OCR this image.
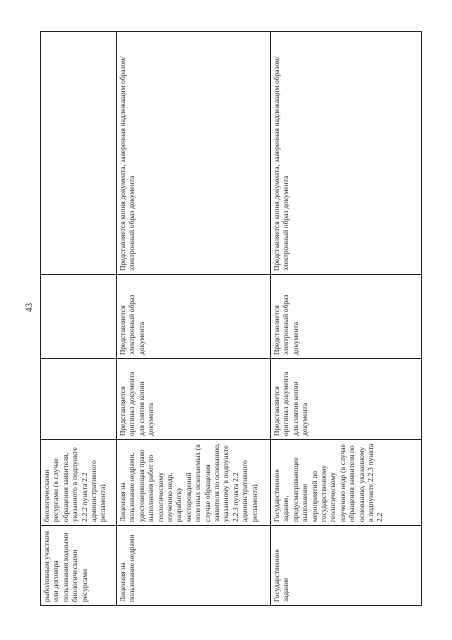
43
рыболовным участком или договора пользования водными биологическими ресурсами	биологическими ресурсами (в случае обращения заявителя, указанного в подпункте 2.2.2 пункта 2.2 административного регламента)			

Лицензия на пользование недрами	Лицензия на пользование недрами, удостоверяющая право выполнения работ по геологическому изучению недр, разработку месторождений полезных ископаемых (в случае обращения заявителя по основанию, указанному в подпункте 2.2.3 пункта 2.2 административного регламента)	Представляется оригинал документа для снятия копии документа	Представляется электронный образ документа	Представляется копия документа, заверенная надлежащим образом/электронный образ документа

Государственное задание	Государственное задание, предусматривающее выполнение мероприятий по государственному геологическому изучению недр (в случае обращения заявителя по основанию, указанному в подпункте 2.2.3 пункта 2.2	Представляется оригинал документа для снятия копии документа	Представляется электронный образ документа	Представляется копия документа, заверенная надлежащим образом/электронный образ документа
